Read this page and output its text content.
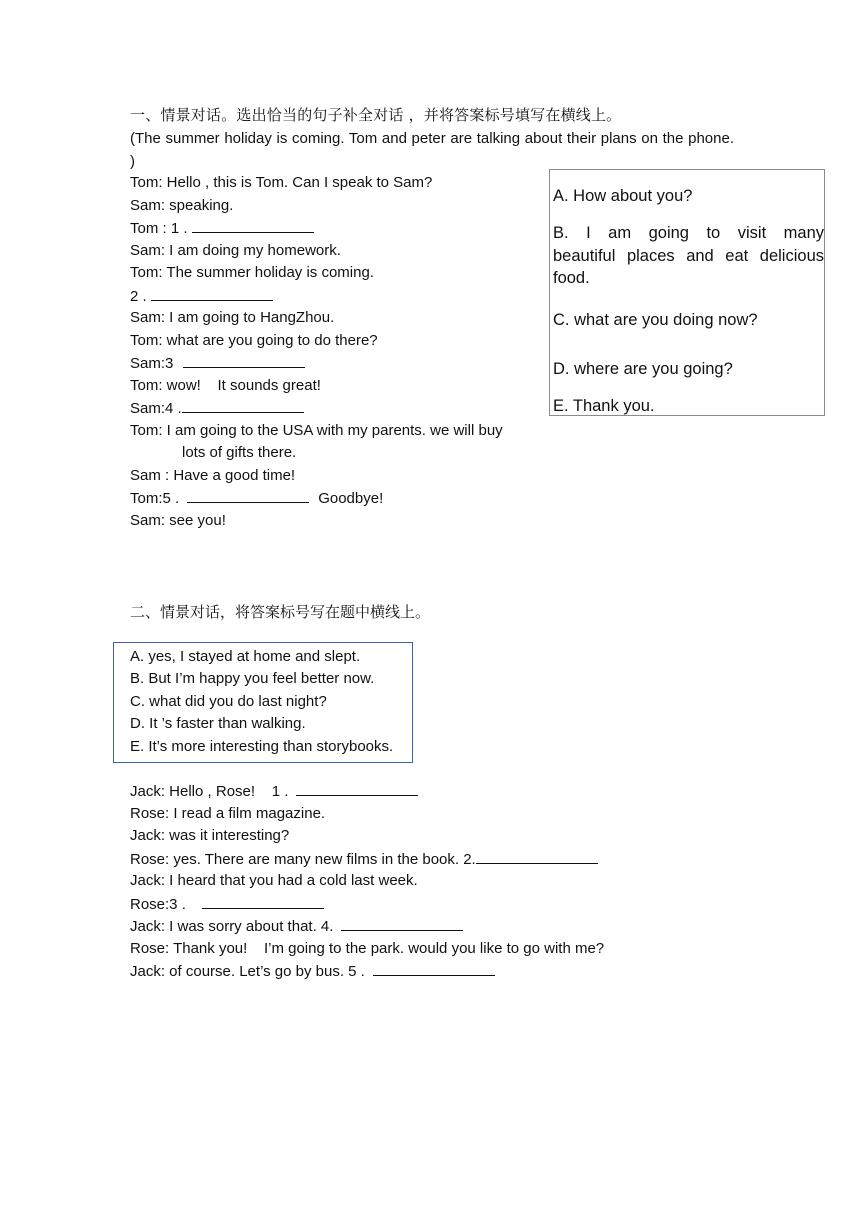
一、情景对话。选出恰当的句子补全对话 ，并将答案标号填写在横线上。
(The summer holiday is coming. Tom and peter are talking about their plans on the phone. )
Tom: Hello , this is Tom. Can I speak to Sam?
Sam: speaking.
Tom : 1 .
Sam: I am doing my homework.
Tom: The summer holiday is coming.
2 .
Sam: I am going to HangZhou.
Tom: what are you going to do there?
Sam:3
Tom: wow!    It sounds great!
Sam:4 .
Tom: I am going to the USA with my parents. we will buy
lots of gifts there.
Sam : Have a good time!
Tom:5 .	Goodbye!
Sam: see you!
A. How about you?
B. I am going to visit many beautiful places and eat delicious food.
C. what are you doing now?
D. where are you going?
E. Thank you.
二、情景对话，将答案标号写在题中横线上。
A. yes, I stayed at home and slept.
B. But I’m happy you feel better now.
C. what did you do last night?
D. It ’s faster than walking.
E. It’s more interesting than storybooks.
Jack: Hello , Rose!    1 .
Rose: I read a film magazine.
Jack: was it interesting?
Rose: yes. There are many new films in the book. 2.
Jack: I heard that you had a cold last week.
Rose:3 .
Jack: I was sorry about that. 4.
Rose: Thank you!    I’m going to the park. would you like to go with me?
Jack: of course. Let’s go by bus. 5 .
